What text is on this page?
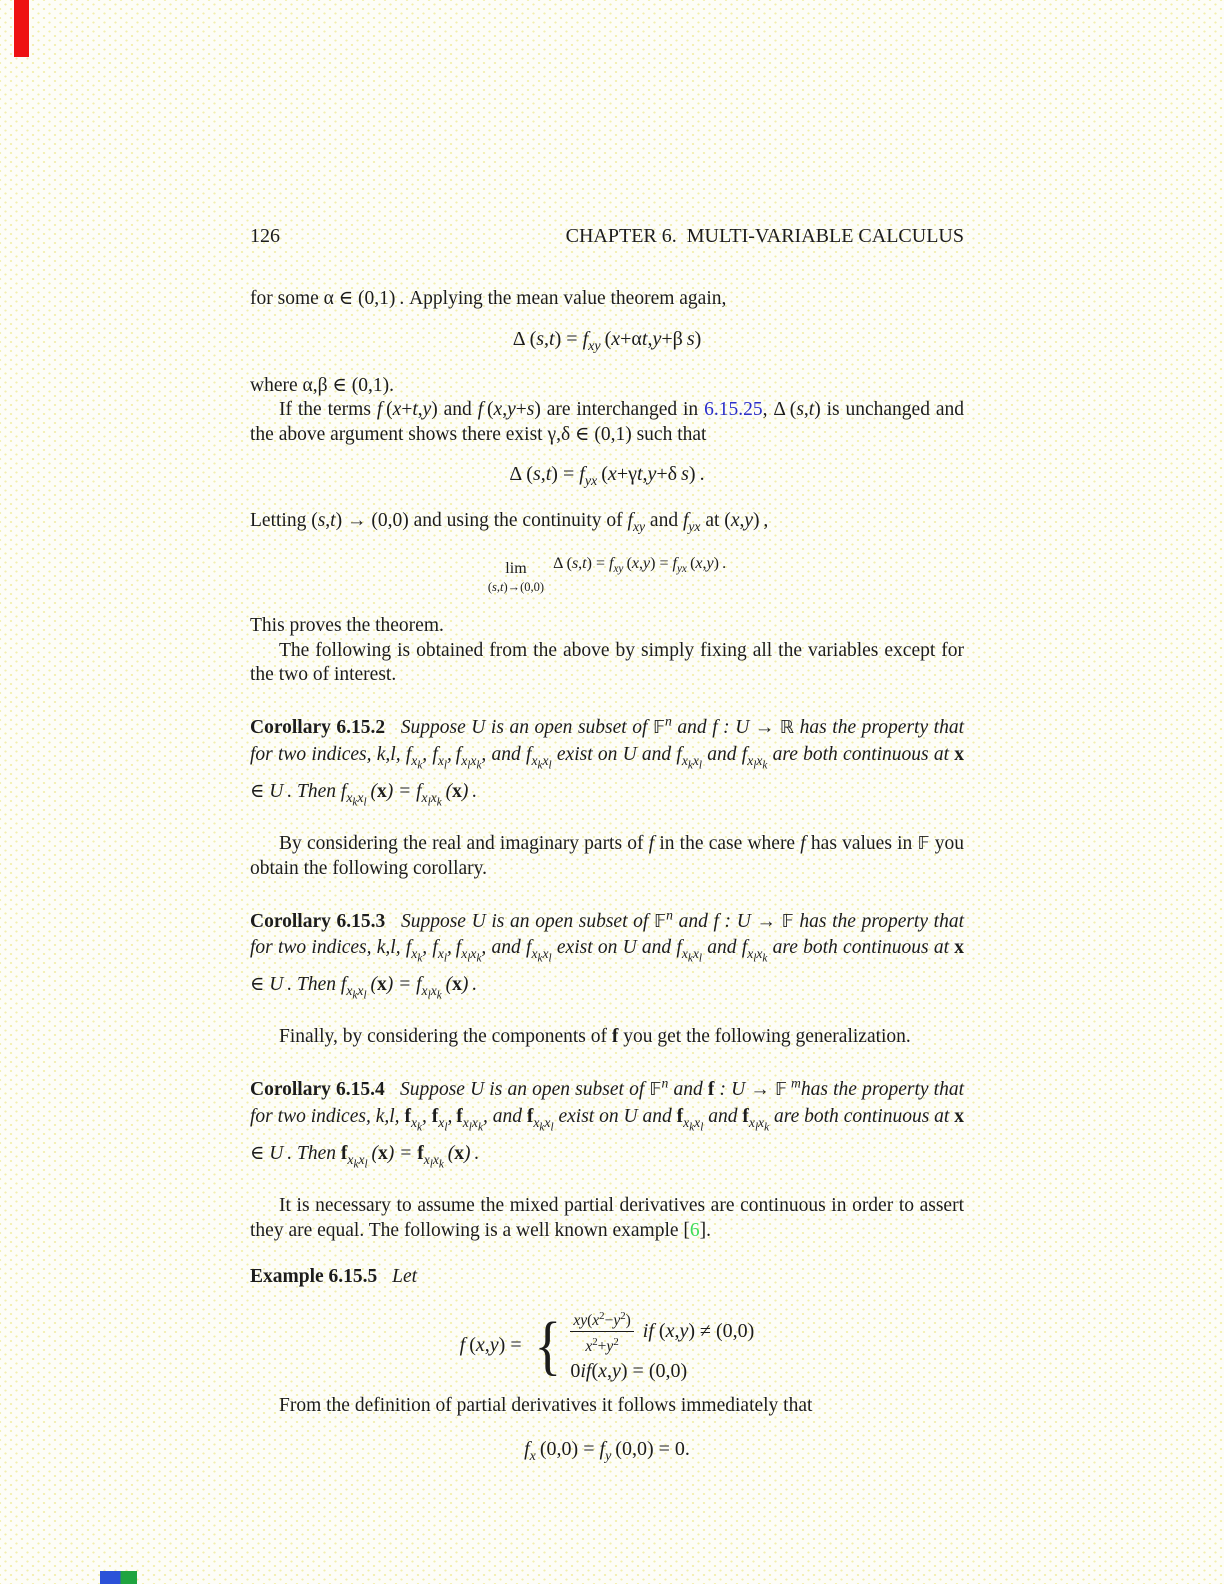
126	CHAPTER 6.  MULTI-VARIABLE CALCULUS

for some α ∈ (0,1) . Applying the mean value theorem again,

Δ $(s,t) = f_{xy}$ (x+αt,y+β s)

where α,β ∈ (0,1).

If the terms f (x+t,y) and f (x,y+s) are interchanged in 6.15.25, Δ (s,t) is unchanged and the above argument shows there exist γ,δ ∈ (0,1) such that

Δ $(s,t) = f_{yx}$ (x+γt,y+δ s) .

Letting (s,t) → (0,0) and using the continuity of $f_{xy}$ and $f_{yx}$ at (x,y) ,

lim
(s,t)→(0,0)
Δ $(s,t) = f_{xy}$ $(x,y) = f_{yx}$ (x,y) .

This proves the theorem.

The following is obtained from the above by simply fixing all the variables except for the two of interest.

Corollary 6.15.2 Suppose U is an open subset of 𝔽$^n$ and f : U → ℝ has the property that for two indices, k,l, $f_{x_k}$, $f_{x_l}$, $f_{x_lx_k}$, and $f_{x_kx_l}$ exist on U and $f_{x_kx_l}$ and $f_{x_lx_k}$ are both continuous at x ∈ U . Then $f_{x_kx_l}$ $(x) = f_{x_lx_k}$ (x) .

By considering the real and imaginary parts of f in the case where f has values in 𝔽 you obtain the following corollary.

Corollary 6.15.3 Suppose U is an open subset of 𝔽$^n$ and f : U → 𝔽 has the property that for two indices, k,l, $f_{x_k}$, $f_{x_l}$, $f_{x_lx_k}$, and $f_{x_kx_l}$ exist on U and $f_{x_kx_l}$ and $f_{x_lx_k}$ are both continuous at x ∈ U . Then $f_{x_kx_l}$ $(x) = f_{x_lx_k}$ (x) .

Finally, by considering the components of f you get the following generalization.

Corollary 6.15.4 Suppose U is an open subset of 𝔽$^n$ and f : U → 𝔽  $^m$has the property that for two indices, k,l, $f_{x_k}$, $f_{x_l}$, $f_{x_lx_k}$, and $f_{x_kx_l}$ exist on U and $f_{x_kx_l}$ and $f_{x_lx_k}$ are both continuous at x ∈ U . Then $f_{x_kx_l}$ $(x) = f_{x_lx_k}$ (x) .

It is necessary to assume the mixed partial derivatives are continuous in order to assert they are equal. The following is a well known example [6].

Example 6.15.5 Let

f (x,y) = { $\frac{xy(x^2-y^2)}{x^2+y^2}$ if (x,y) ≠ (0,0)
0 if ( x , y ) = (0,0)

From the definition of partial derivatives it follows immediately that

$f_x$ $(0,0) = f_y$ (0,0) = 0.
